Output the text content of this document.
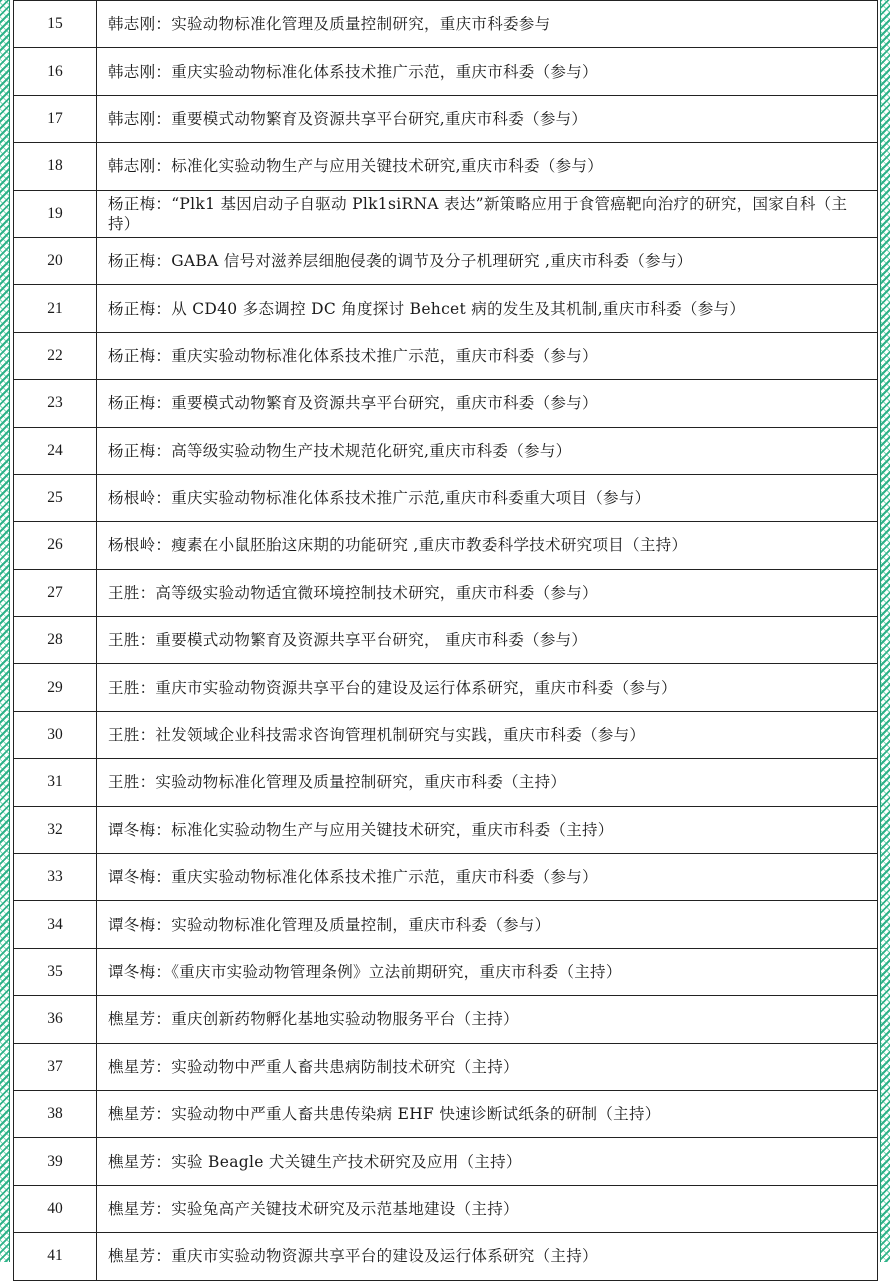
15	韩志刚：实验动物标准化管理及质量控制研究，重庆市科委参与
16	韩志刚：重庆实验动物标准化体系技术推广示范，重庆市科委（参与）
17	韩志刚：重要模式动物繁育及资源共享平台研究,重庆市科委（参与）
18	韩志刚：标准化实验动物生产与应用关键技术研究,重庆市科委（参与）
19	杨正梅：“Plk1 基因启动子自驱动 Plk1siRNA 表达”新策略应用于食管癌靶向治疗的研究，国家自科（主持）
20	杨正梅：GABA 信号对滋养层细胞侵袭的调节及分子机理研究 ,重庆市科委（参与）
21	杨正梅：从 CD40 多态调控 DC 角度探讨 Behcet 病的发生及其机制,重庆市科委（参与）
22	杨正梅：重庆实验动物标准化体系技术推广示范，重庆市科委（参与）
23	杨正梅：重要模式动物繁育及资源共享平台研究，重庆市科委（参与）
24	杨正梅：高等级实验动物生产技术规范化研究,重庆市科委（参与）
25	杨根岭：重庆实验动物标准化体系技术推广示范,重庆市科委重大项目（参与）
26	杨根岭：瘦素在小鼠胚胎这床期的功能研究 ,重庆市教委科学技术研究项目（主持）
27	王胜：高等级实验动物适宜微环境控制技术研究，重庆市科委（参与）
28	王胜：重要模式动物繁育及资源共享平台研究， 重庆市科委（参与）
29	王胜：重庆市实验动物资源共享平台的建设及运行体系研究，重庆市科委（参与）
30	王胜：社发领域企业科技需求咨询管理机制研究与实践，重庆市科委（参与）
31	王胜：实验动物标准化管理及质量控制研究，重庆市科委（主持）
32	谭冬梅：标准化实验动物生产与应用关键技术研究，重庆市科委（主持）
33	谭冬梅：重庆实验动物标准化体系技术推广示范，重庆市科委（参与）
34	谭冬梅：实验动物标准化管理及质量控制，重庆市科委（参与）
35	谭冬梅：《重庆市实验动物管理条例》立法前期研究，重庆市科委（主持）
36	樵星芳：重庆创新药物孵化基地实验动物服务平台（主持）
37	樵星芳：实验动物中严重人畜共患病防制技术研究（主持）
38	樵星芳：实验动物中严重人畜共患传染病 EHF 快速诊断试纸条的研制（主持）
39	樵星芳：实验 Beagle 犬关键生产技术研究及应用（主持）
40	樵星芳：实验兔高产关键技术研究及示范基地建设（主持）
41	樵星芳：重庆市实验动物资源共享平台的建设及运行体系研究（主持）
